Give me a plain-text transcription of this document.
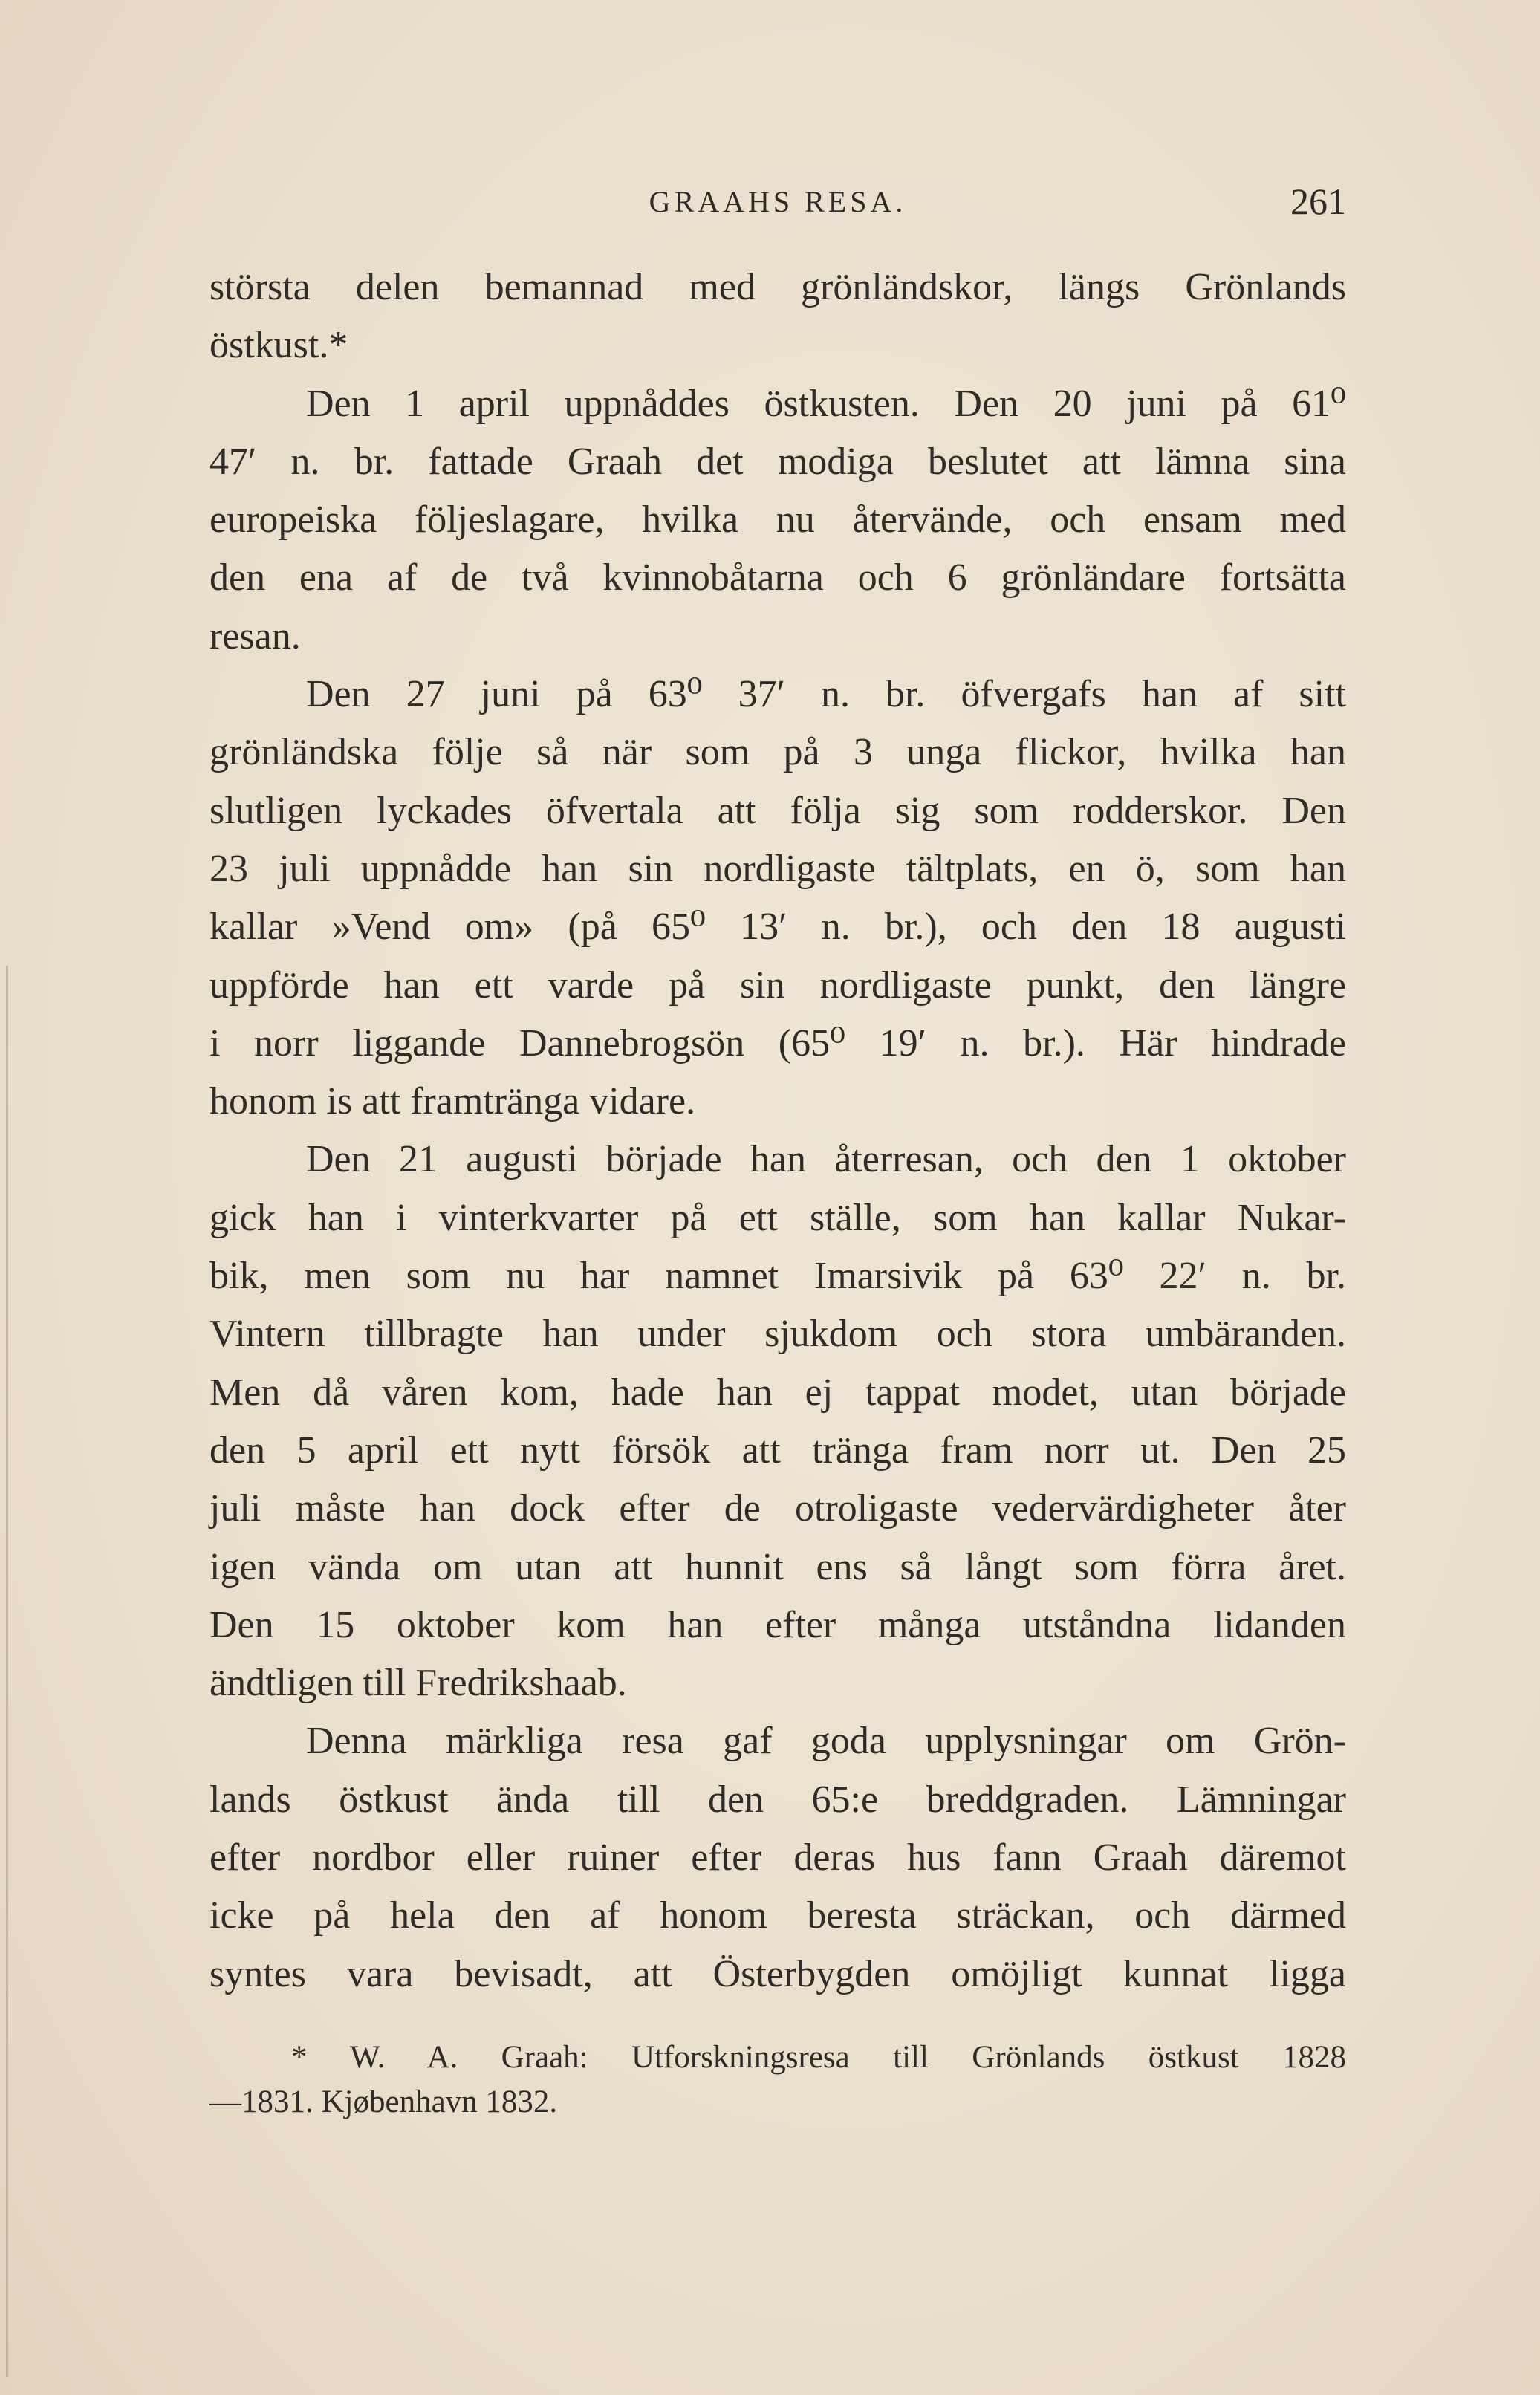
GRAAHS RESA.	261
största delen bemannad med grönländskor, längs Grönlands
östkust.*
Den 1 april uppnåddes östkusten. Den 20 juni på 61⁰
47′ n. br. fattade Graah det modiga beslutet att lämna sina
europeiska följeslagare, hvilka nu återvände, och ensam med
den ena af de två kvinnobåtarna och 6 grönländare fortsätta
resan.
Den 27 juni på 63⁰ 37′ n. br. öfvergafs han af sitt
grönländska följe så när som på 3 unga flickor, hvilka han
slutligen lyckades öfvertala att följa sig som rodderskor. Den
23 juli uppnådde han sin nordligaste tältplats, en ö, som han
kallar »Vend om» (på 65⁰ 13′ n. br.), och den 18 augusti
uppförde han ett varde på sin nordligaste punkt, den längre
i norr liggande Dannebrogsön (65⁰ 19′ n. br.). Här hindrade
honom is att framtränga vidare.
Den 21 augusti började han återresan, och den 1 oktober
gick han i vinterkvarter på ett ställe, som han kallar Nukar-
bik, men som nu har namnet Imarsivik på 63⁰ 22′ n. br.
Vintern tillbragte han under sjukdom och stora umbäranden.
Men då våren kom, hade han ej tappat modet, utan började
den 5 april ett nytt försök att tränga fram norr ut. Den 25
juli måste han dock efter de otroligaste vedervärdigheter åter
igen vända om utan att hunnit ens så långt som förra året.
Den 15 oktober kom han efter många utståndna lidanden
ändtligen till Fredrikshaab.
Denna märkliga resa gaf goda upplysningar om Grön-
lands östkust ända till den 65:e breddgraden. Lämningar
efter nordbor eller ruiner efter deras hus fann Graah däremot
icke på hela den af honom beresta sträckan, och därmed
syntes vara bevisadt, att Österbygden omöjligt kunnat ligga
* W. A. Graah: Utforskningsresa till Grönlands östkust 1828
—1831. Kjøbenhavn 1832.
